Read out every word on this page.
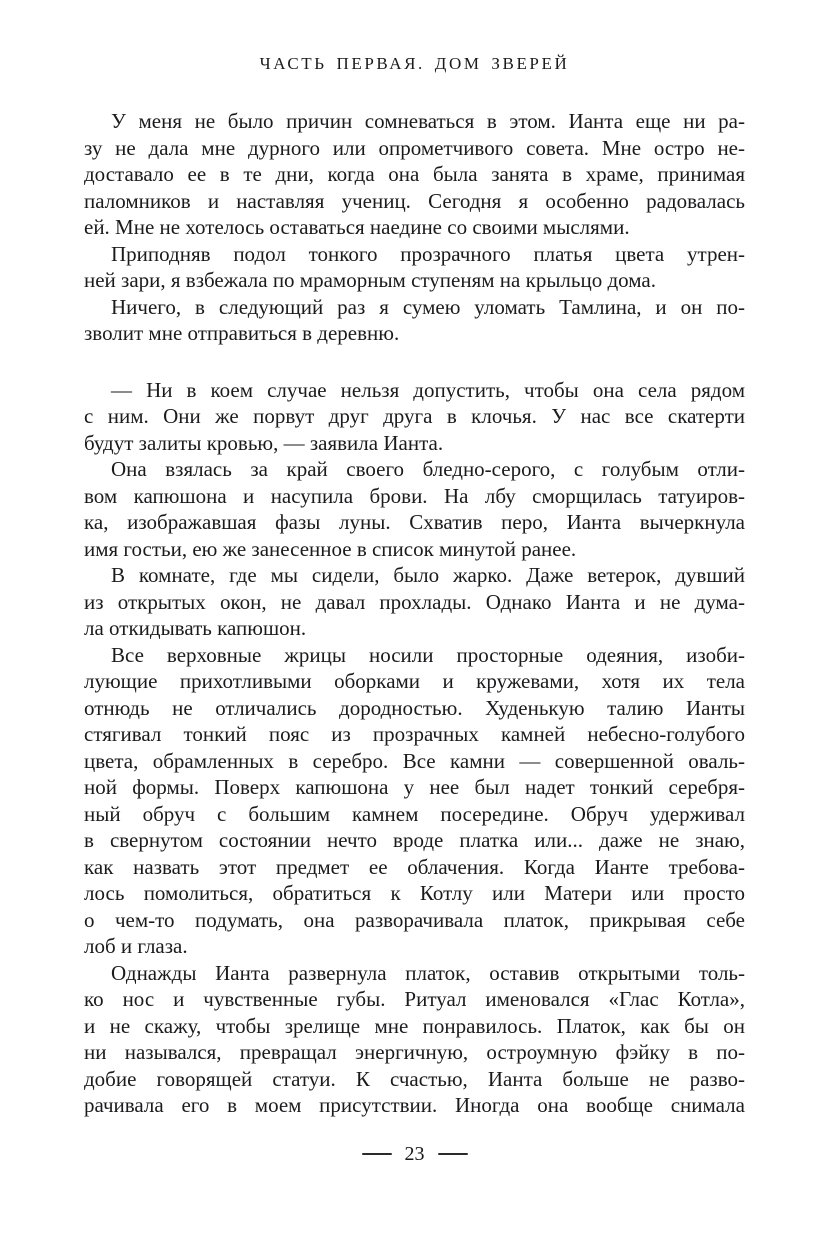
ЧАСТЬ ПЕРВАЯ. ДОМ ЗВЕРЕЙ
У меня не было причин сомневаться в этом. Ианта еще ни ра-
зу не дала мне дурного или опрометчивого совета. Мне остро не-
доставало ее в те дни, когда она была занята в храме, принимая
паломников и наставляя учениц. Сегодня я особенно радовалась
ей. Мне не хотелось оставаться наедине со своими мыслями.
Приподняв подол тонкого прозрачного платья цвета утрен-
ней зари, я взбежала по мраморным ступеням на крыльцо дома.
Ничего, в следующий раз я сумею уломать Тамлина, и он по-
зволит мне отправиться в деревню.
— Ни в коем случае нельзя допустить, чтобы она села рядом
с ним. Они же порвут друг друга в клочья. У нас все скатерти
будут залиты кровью, — заявила Ианта.
Она взялась за край своего бледно-серого, с голубым отли-
вом капюшона и насупила брови. На лбу сморщилась татуиров-
ка, изображавшая фазы луны. Схватив перо, Ианта вычеркнула
имя гостьи, ею же занесенное в список минутой ранее.
В комнате, где мы сидели, было жарко. Даже ветерок, дувший
из открытых окон, не давал прохлады. Однако Ианта и не дума-
ла откидывать капюшон.
Все верховные жрицы носили просторные одеяния, изоби-
лующие прихотливыми оборками и кружевами, хотя их тела
отнюдь не отличались дородностью. Худенькую талию Ианты
стягивал тонкий пояс из прозрачных камней небесно-голубого
цвета, обрамленных в серебро. Все камни — совершенной оваль-
ной формы. Поверх капюшона у нее был надет тонкий серебря-
ный обруч с большим камнем посередине. Обруч удерживал
в свернутом состоянии нечто вроде платка или... даже не знаю,
как назвать этот предмет ее облачения. Когда Ианте требова-
лось помолиться, обратиться к Котлу или Матери или просто
о чем-то подумать, она разворачивала платок, прикрывая себе
лоб и глаза.
Однажды Ианта развернула платок, оставив открытыми толь-
ко нос и чувственные губы. Ритуал именовался «Глас Котла»,
и не скажу, чтобы зрелище мне понравилось. Платок, как бы он
ни назывался, превращал энергичную, остроумную фэйку в по-
добие говорящей статуи. К счастью, Ианта больше не разво-
рачивала его в моем присутствии. Иногда она вообще снимала
23
